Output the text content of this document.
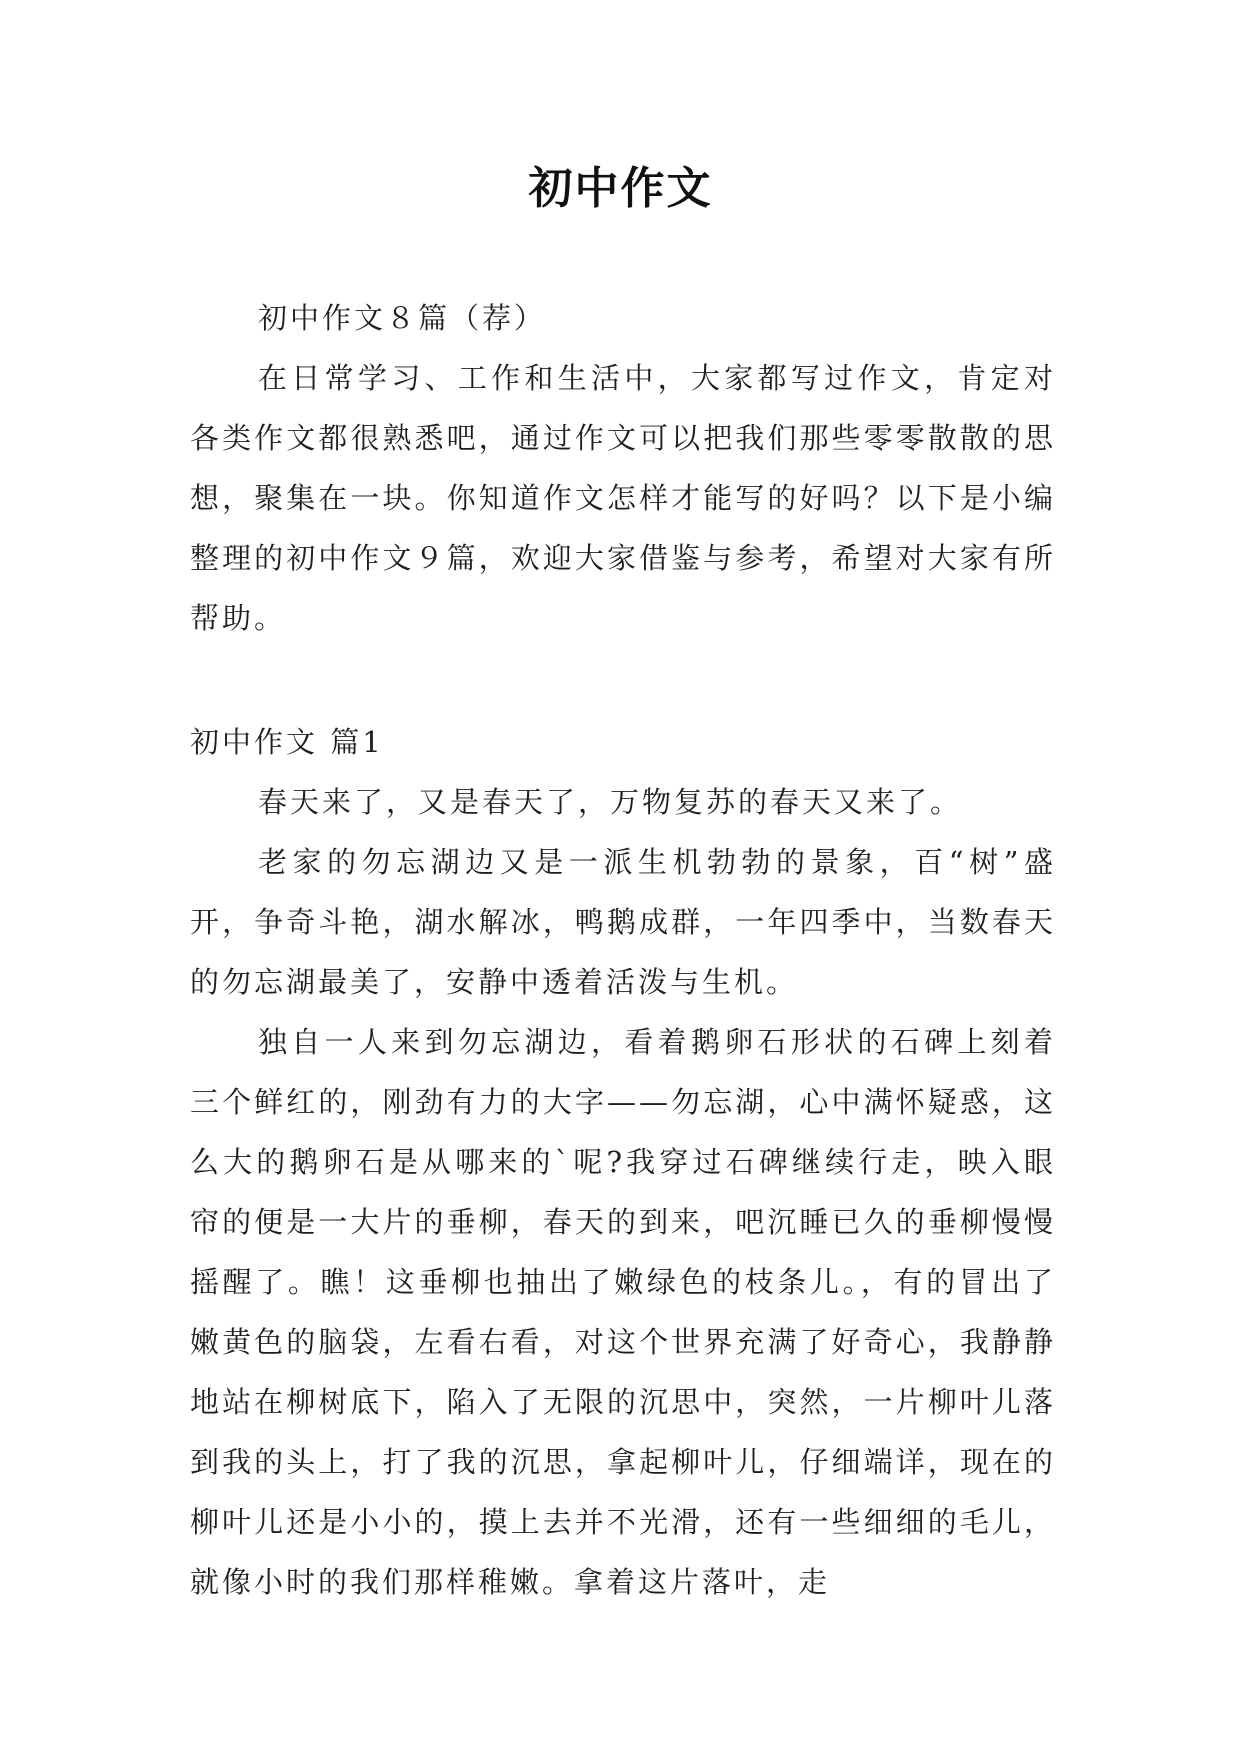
初中作文

初中作文８篇（荐）

在日常学习、工作和生活中，大家都写过作文，肯定对各类作文都很熟悉吧，通过作文可以把我们那些零零散散的思想，聚集在一块。你知道作文怎样才能写的好吗？以下是小编整理的初中作文９篇，欢迎大家借鉴与参考，希望对大家有所帮助。

初中作文 篇1

春天来了，又是春天了，万物复苏的春天又来了。

老家的勿忘湖边又是一派生机勃勃的景象，百“树”盛开，争奇斗艳，湖水解冰，鸭鹅成群，一年四季中，当数春天的勿忘湖最美了，安静中透着活泼与生机。

独自一人来到勿忘湖边，看着鹅卵石形状的石碑上刻着三个鲜红的，刚劲有力的大字——勿忘湖，心中满怀疑惑，这么大的鹅卵石是从哪来的`呢?我穿过石碑继续行走，映入眼帘的便是一大片的垂柳，春天的到来，吧沉睡已久的垂柳慢慢摇醒了。瞧！这垂柳也抽出了嫩绿色的枝条儿。，有的冒出了嫩黄色的脑袋，左看右看，对这个世界充满了好奇心，我静静地站在柳树底下，陷入了无限的沉思中，突然，一片柳叶儿落到我的头上，打了我的沉思，拿起柳叶儿，仔细端详，现在的柳叶儿还是小小的，摸上去并不光滑，还有一些细细的毛儿，就像小时的我们那样稚嫩。拿着这片落叶，走
